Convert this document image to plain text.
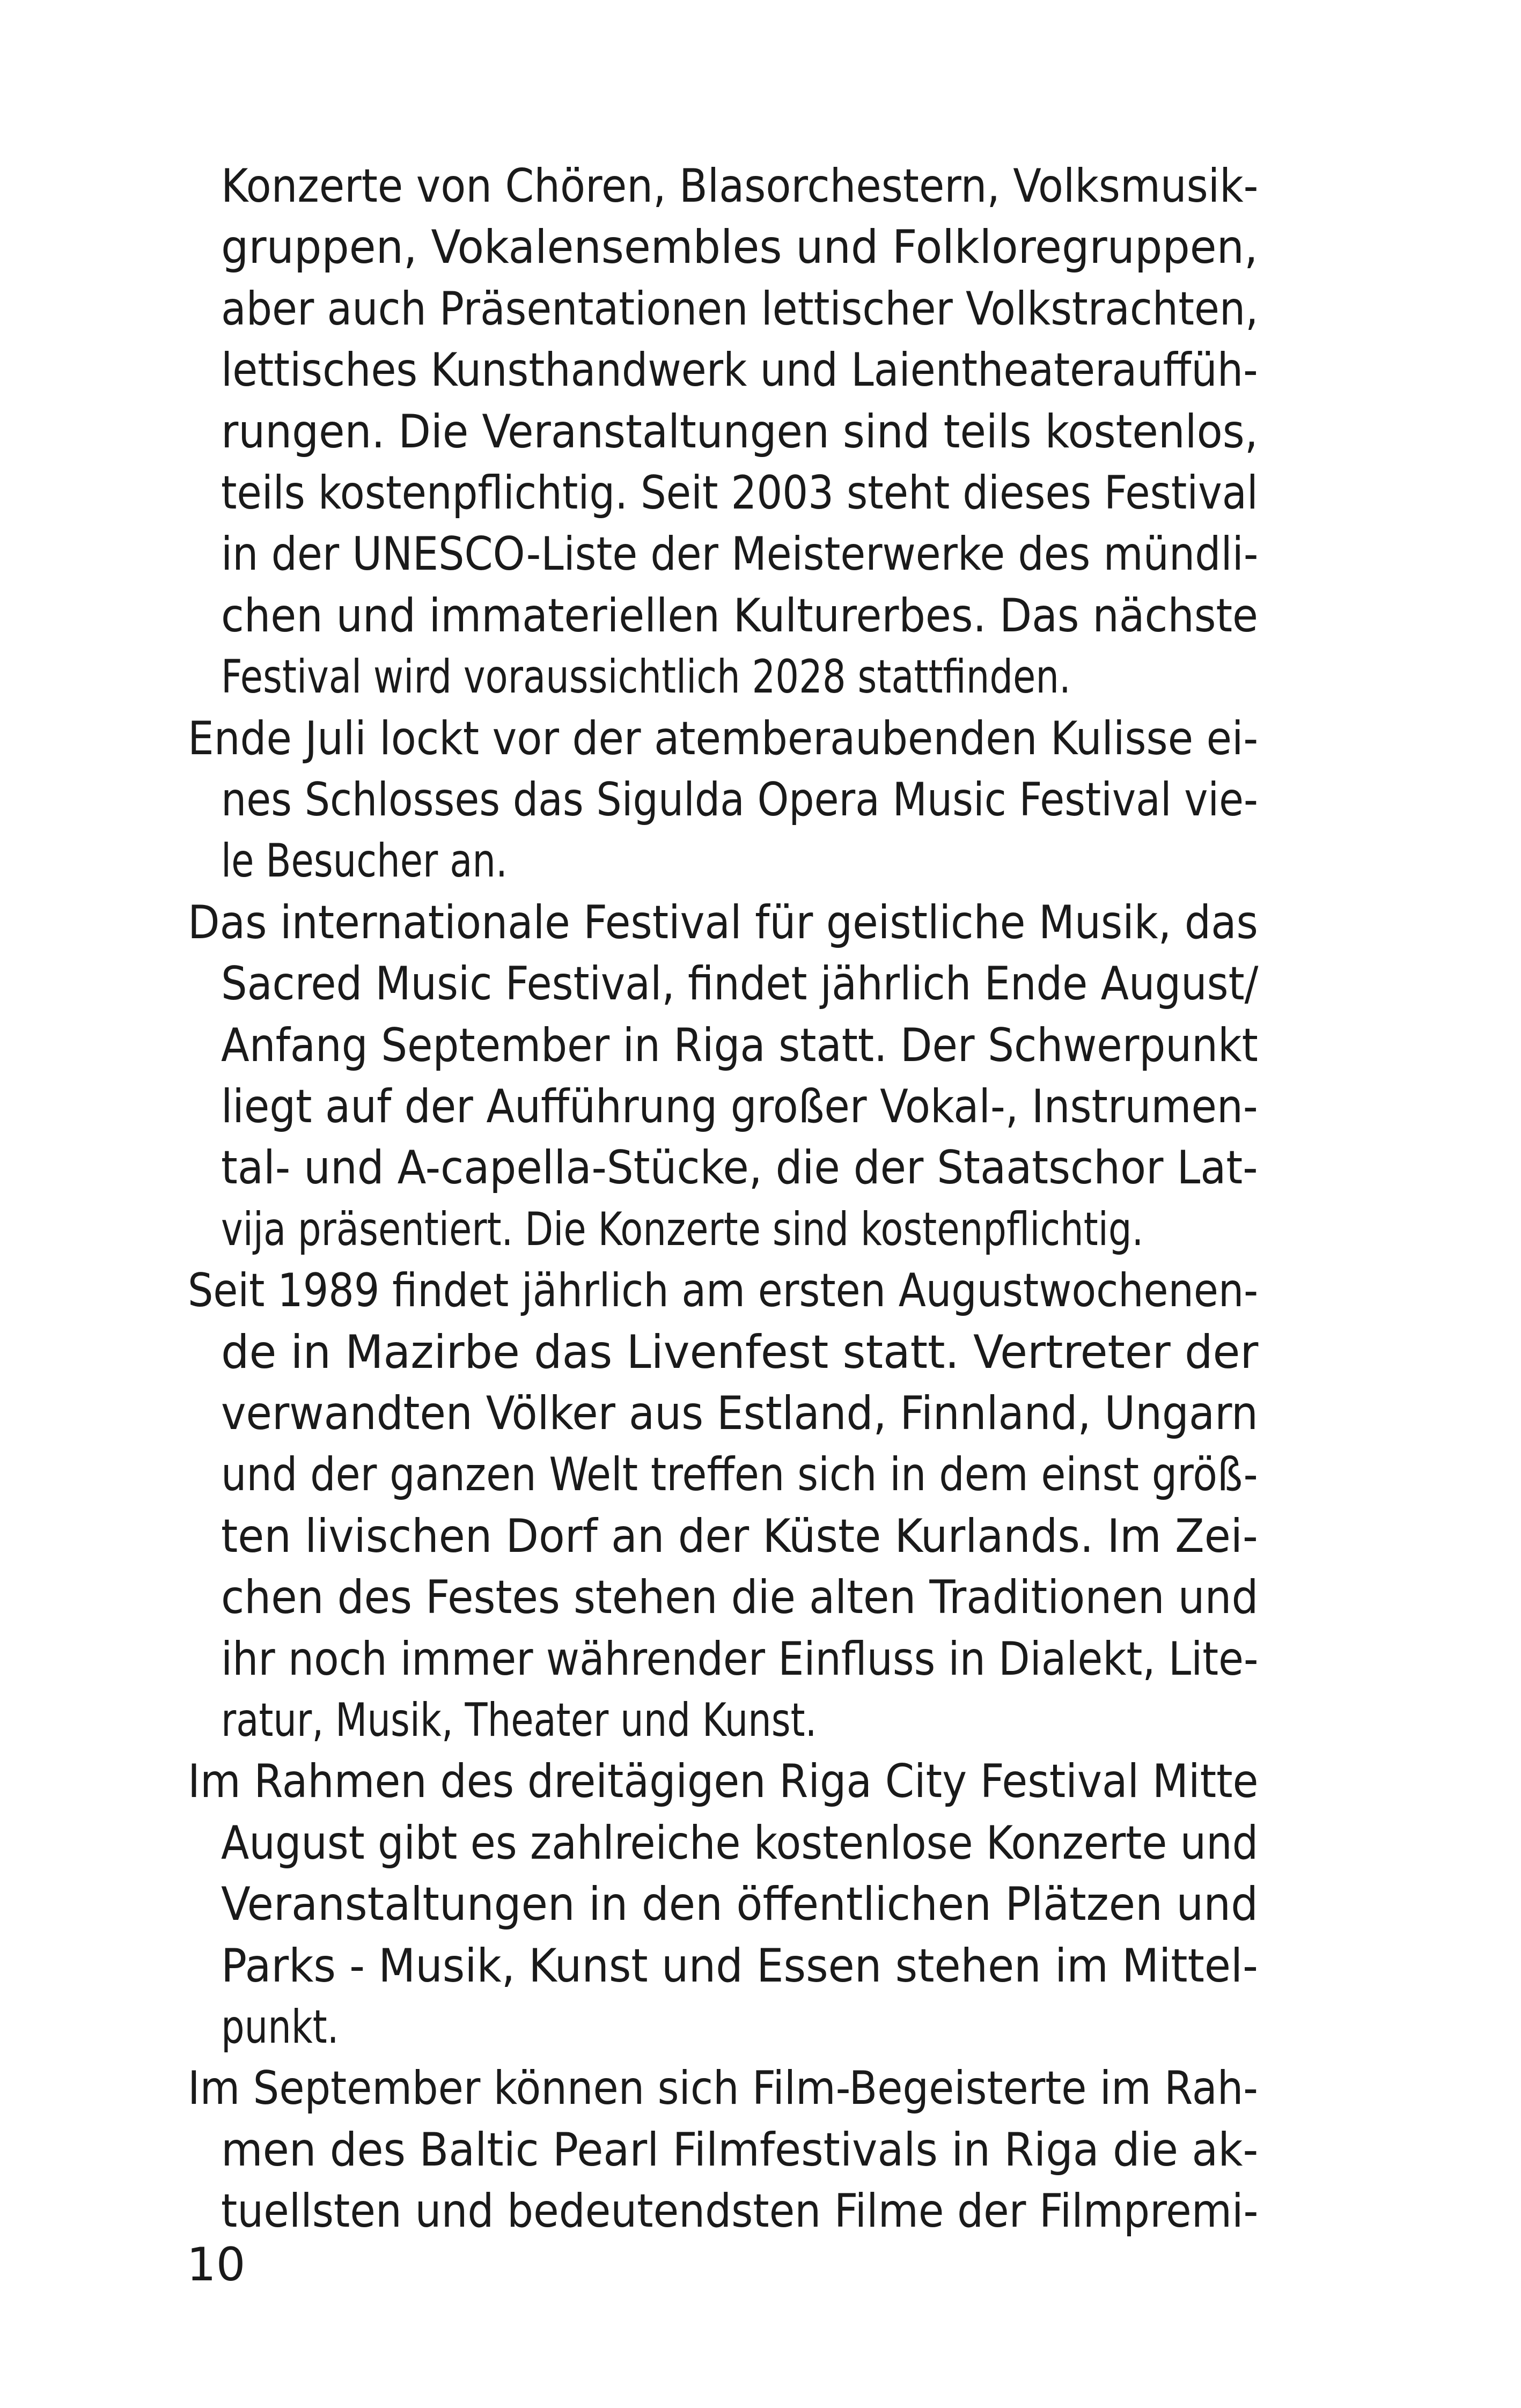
Konzerte von Chören, Blasorchestern, Volksmusik-
gruppen, Vokalensembles und Folkloregruppen,
aber auch Präsentationen lettischer Volkstrachten,
lettisches Kunsthandwerk und Laientheaterauffüh-
rungen. Die Veranstaltungen sind teils kostenlos,
teils kostenpflichtig. Seit 2003 steht dieses Festival
in der UNESCO-Liste der Meisterwerke des mündli-
chen und immateriellen Kulturerbes. Das nächste
Festival wird voraussichtlich 2028 stattfinden.
Ende Juli lockt vor der atemberaubenden Kulisse ei-
nes Schlosses das Sigulda Opera Music Festival vie-
le Besucher an.
Das internationale Festival für geistliche Musik, das
Sacred Music Festival, findet jährlich Ende August/
Anfang September in Riga statt. Der Schwerpunkt
liegt auf der Aufführung großer Vokal-, Instrumen-
tal- und A-capella-Stücke, die der Staatschor Lat-
vija präsentiert. Die Konzerte sind kostenpflichtig.
Seit 1989 findet jährlich am ersten Augustwochenen-
de in Mazirbe das Livenfest statt. Vertreter der
verwandten Völker aus Estland, Finnland, Ungarn
und der ganzen Welt treffen sich in dem einst größ-
ten livischen Dorf an der Küste Kurlands. Im Zei-
chen des Festes stehen die alten Traditionen und
ihr noch immer währender Einfluss in Dialekt, Lite-
ratur, Musik, Theater und Kunst.
Im Rahmen des dreitägigen Riga City Festival Mitte
August gibt es zahlreiche kostenlose Konzerte und
Veranstaltungen in den öffentlichen Plätzen und
Parks - Musik, Kunst und Essen stehen im Mittel-
punkt.
Im September können sich Film-Begeisterte im Rah-
men des Baltic Pearl Filmfestivals in Riga die ak-
tuellsten und bedeutendsten Filme der Filmpremi-
10
